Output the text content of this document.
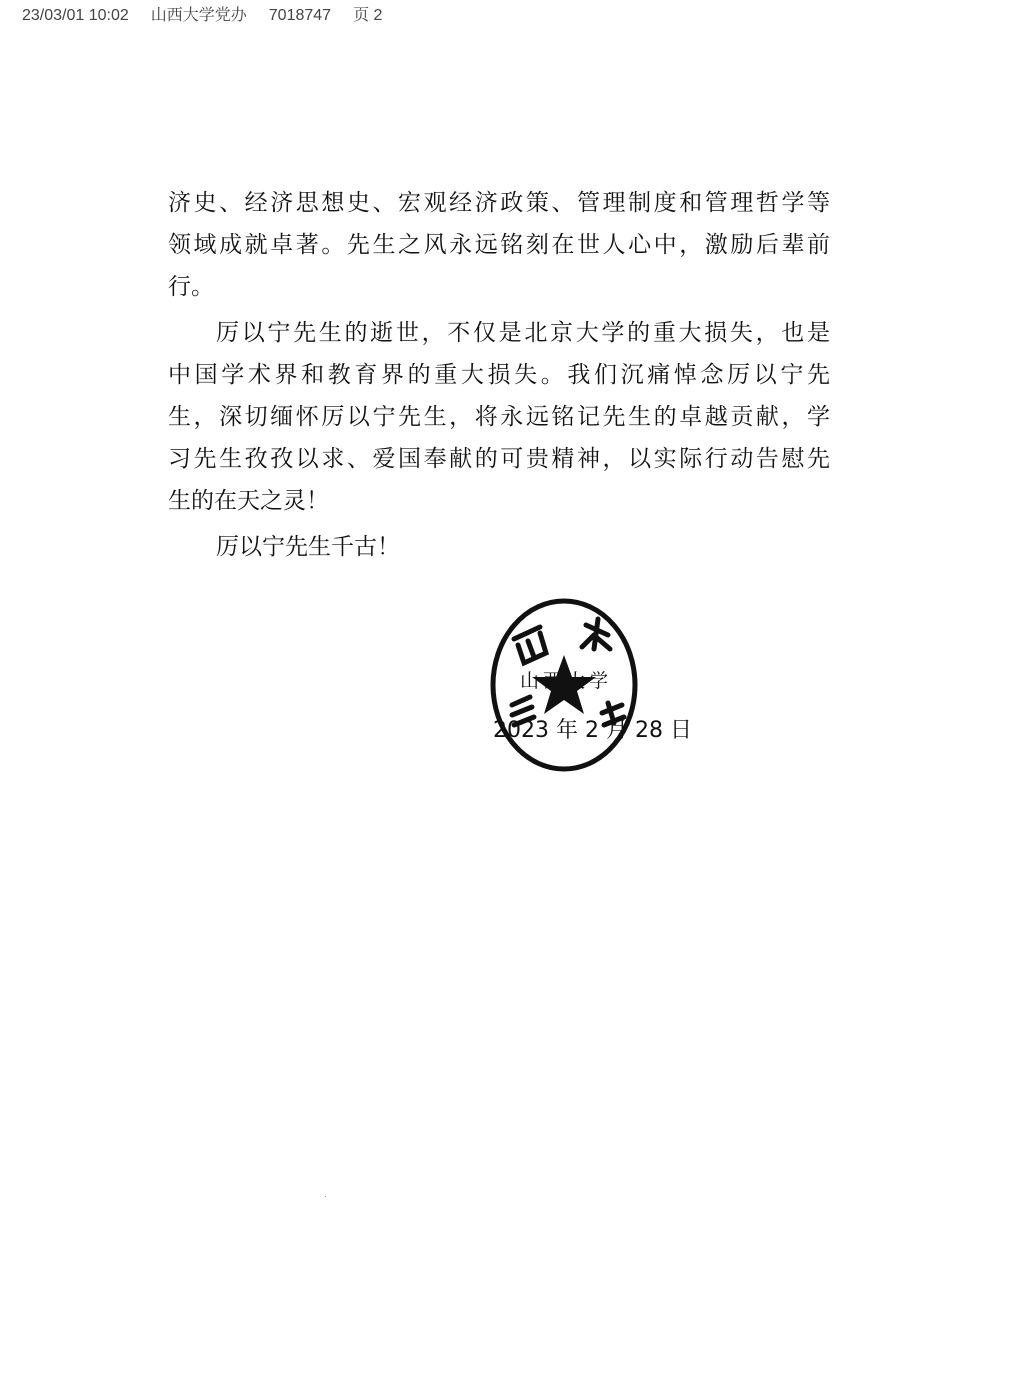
23/03/01 10:02 山西大学党办 7018747 页 2
济史、经济思想史、宏观经济政策、管理制度和管理哲学等
领域成就卓著。先生之风永远铭刻在世人心中，激励后辈前
行。
厉以宁先生的逝世，不仅是北京大学的重大损失，也是
中国学术界和教育界的重大损失。我们沉痛悼念厉以宁先
生，深切缅怀厉以宁先生，将永远铭记先生的卓越贡献，学
习先生孜孜以求、爱国奉献的可贵精神，以实际行动告慰先
生的在天之灵！
厉以宁先生千古！
山西大学
2023 年 2 月 28 日
